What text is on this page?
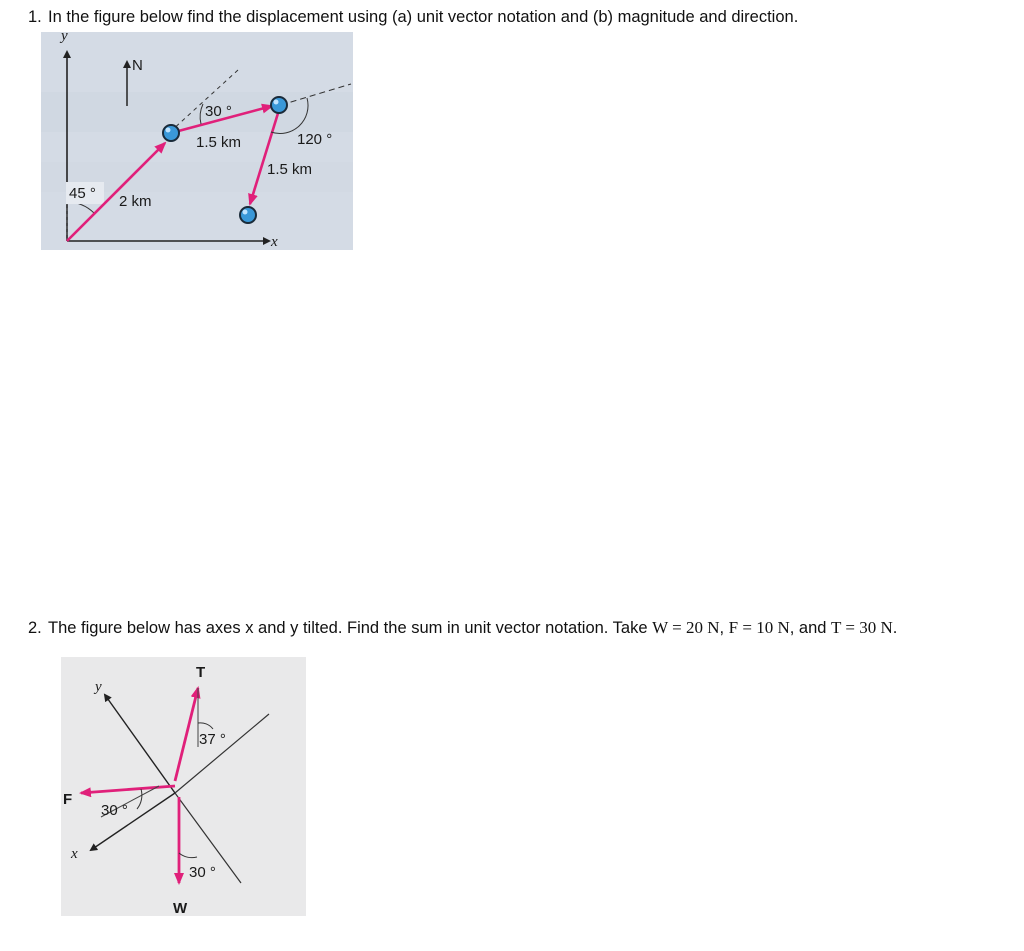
1. In the figure below find the displacement using (a) unit vector notation and (b) magnitude and direction.
y
x
N
45 ° 2 km
30 °
1.5 km	120 °
1.5 km
2. The figure below has axes x and y tilted. Find the sum in unit vector notation. Take W = 20 N, F = 10 N, and T = 30 N.
y
x
T
37 °
F
30 °
W
30 °
